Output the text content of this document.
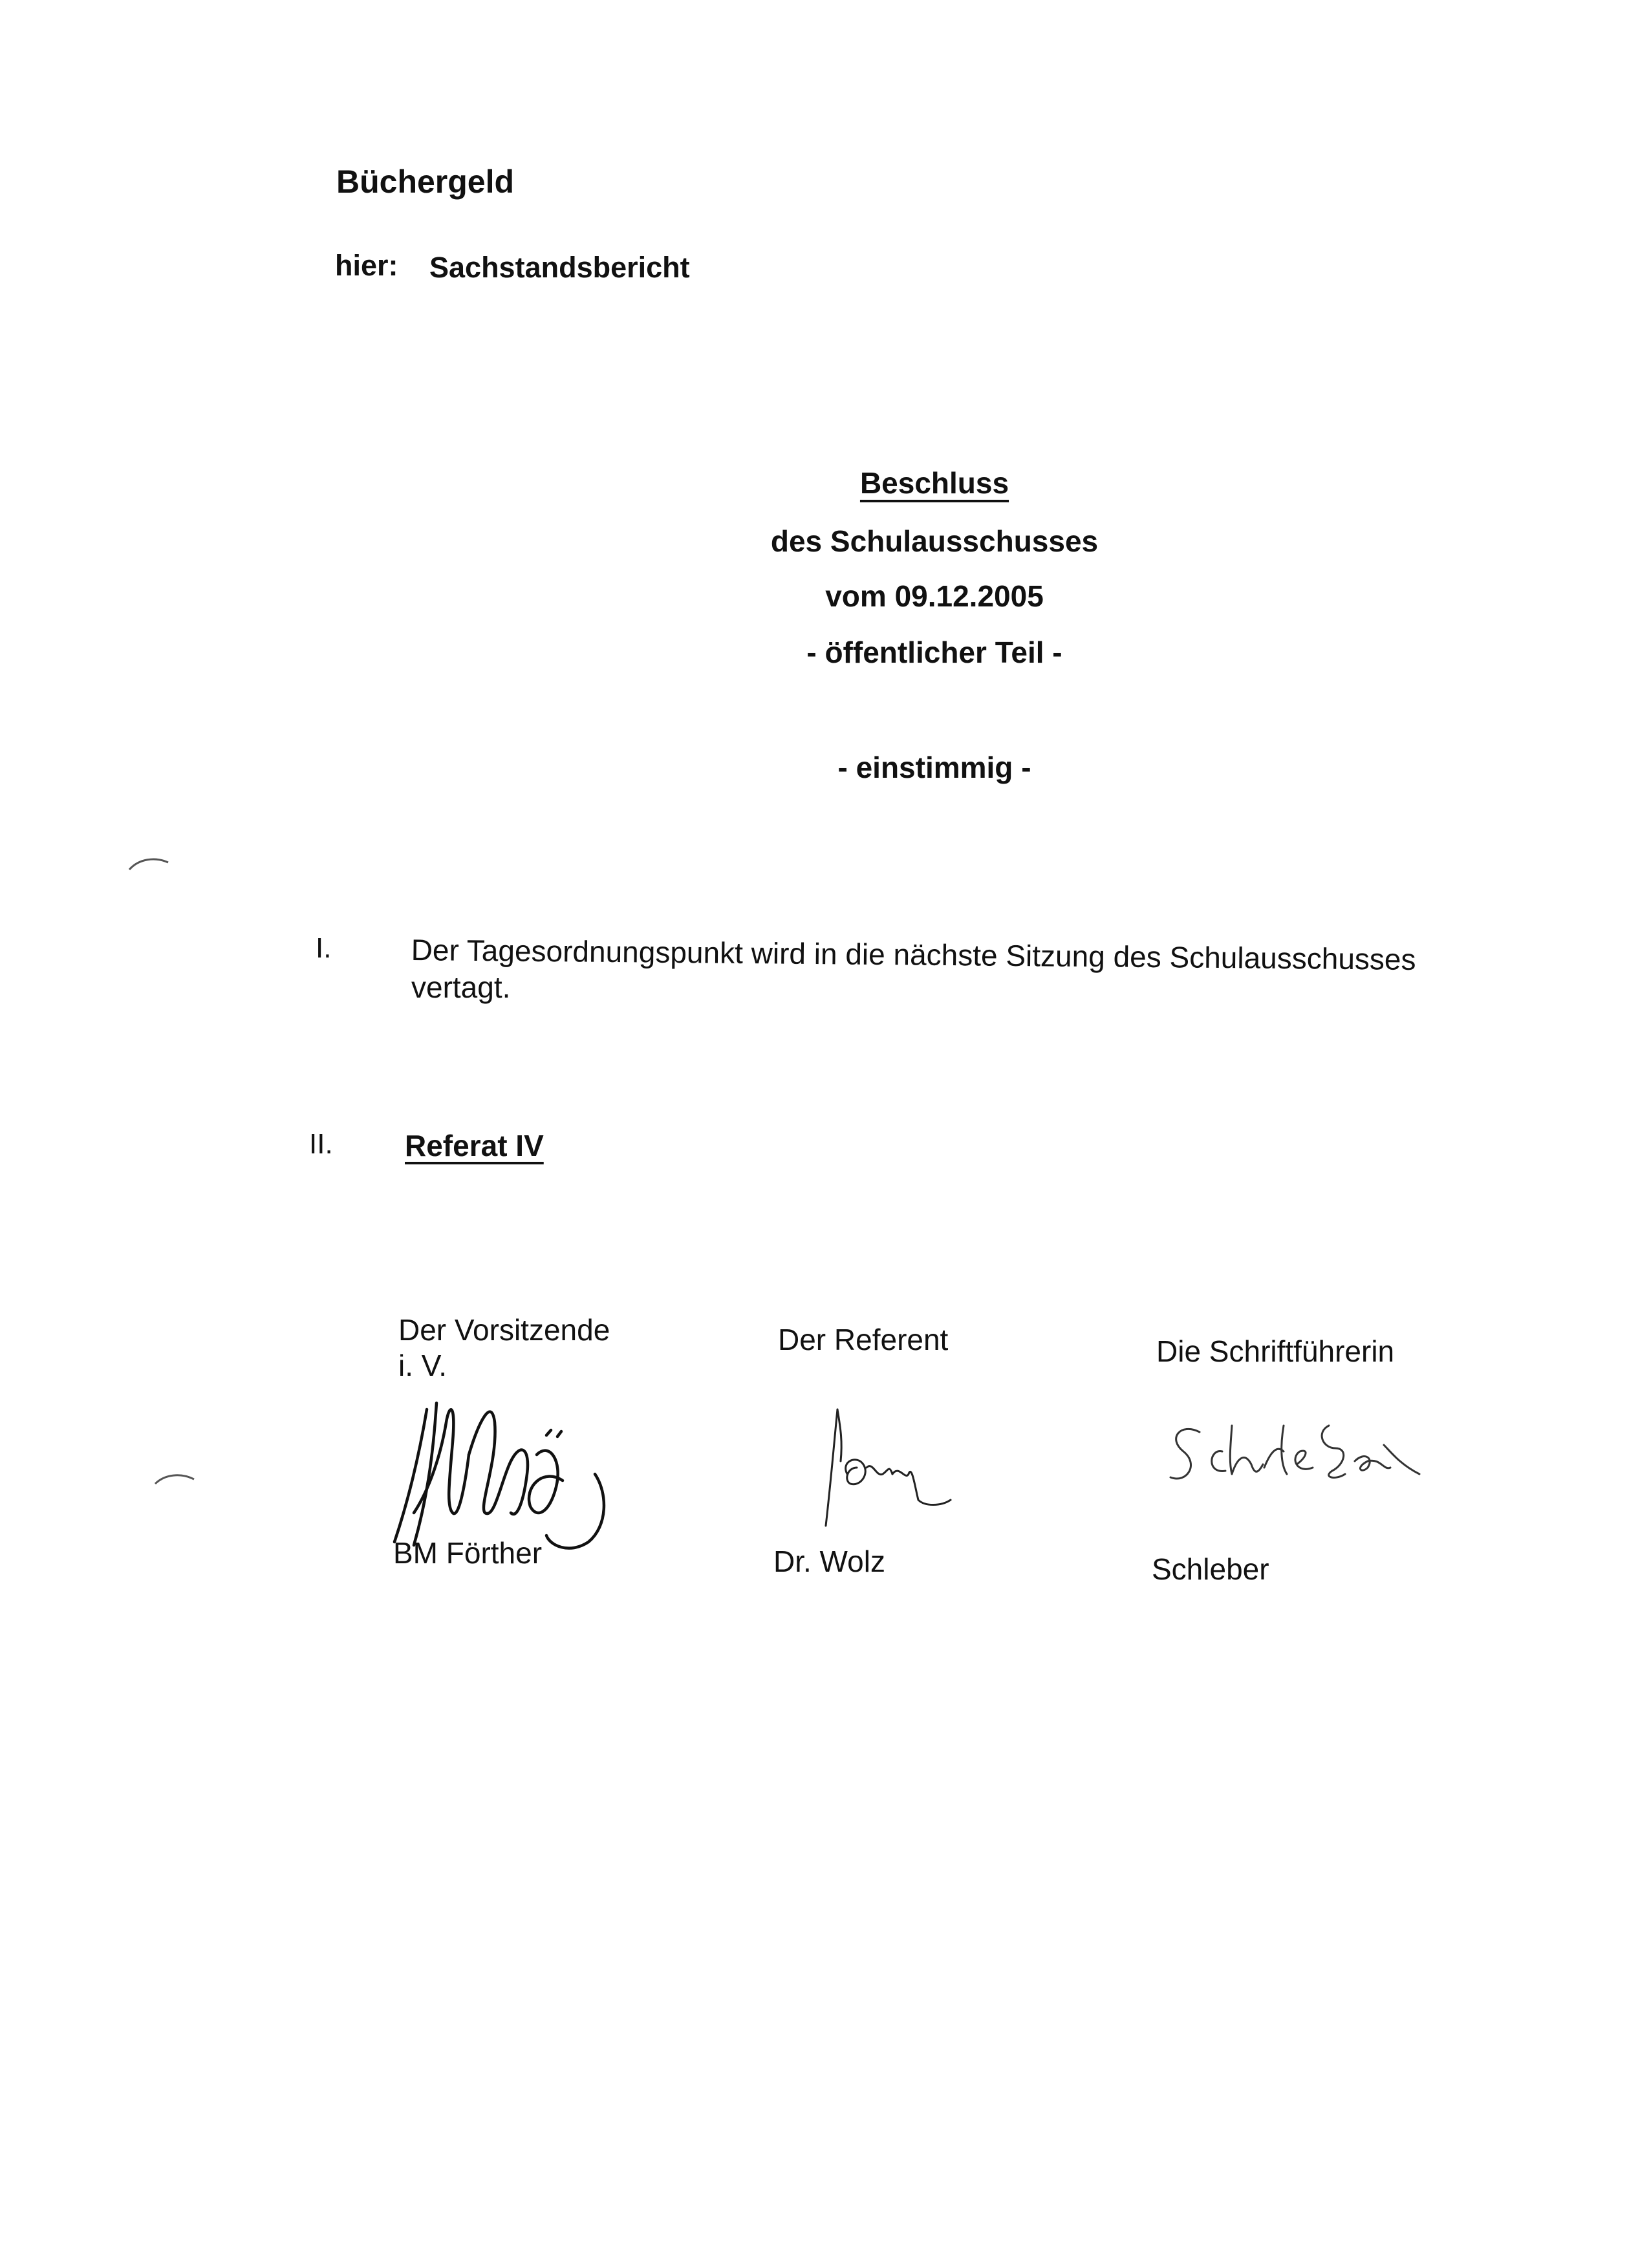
Büchergeld
hier: Sachstandsbericht
Beschluss
des Schulausschusses
vom 09.12.2005
- öffentlicher Teil -
- einstimmig -
I.	Der Tagesordnungspunkt wird in die nächste Sitzung des Schulausschusses
vertagt.
II. Referat IV
Der Vorsitzende
i. V.
Der Referent	Die Schriftführerin
BM Förther	Dr. Wolz	Schleber
